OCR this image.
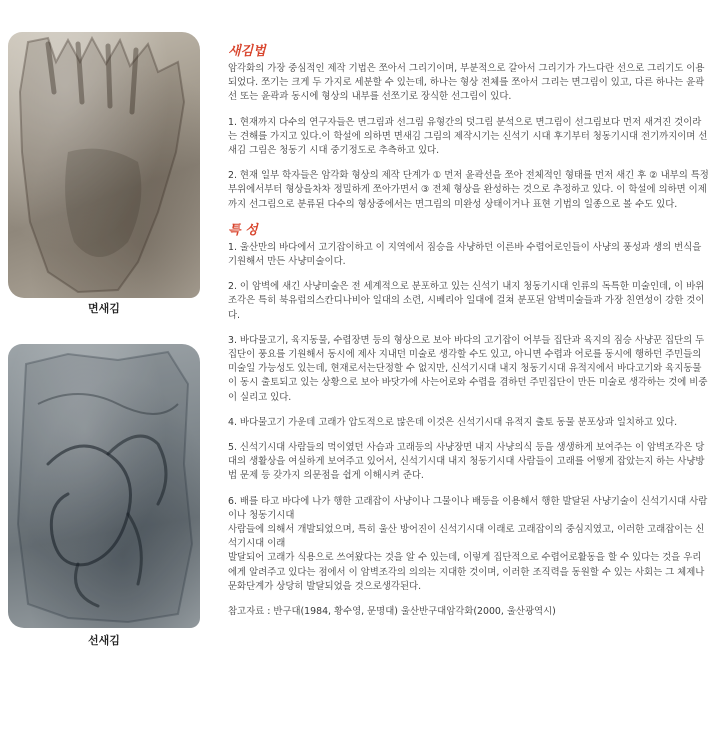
면새김
선새김
새김법

암각화의 가장 중심적인 제작 기법은 쪼아서 그리기이며, 부분적으로 갈아서 그리기가 가느다란 선으로 그리기도 이용되었다. 쪼기는 크게 두 가지로 세분할 수 있는데, 하나는 형상 전체를 쪼아서 그리는 면그림이 있고, 다른 하나는 윤곽선 또는 윤곽과 동시에 형상의 내부를 선쪼기로 장식한 선그림이 있다.

1. 현재까지 다수의 연구자들은 면그림과 선그림 유형간의 덧그림 분석으로 면그림이 선그림보다 먼저 새겨진 것이라는 견해를 가지고 있다.이 학설에 의하면 면새김 그림의 제작시기는 신석기 시대 후기부터 청동기시대 전기까지이며 선새김 그림은 청동기 시대 중기정도로 추측하고 있다.

2. 현재 일부 학자들은 암각화 형상의 제작 단계가 ① 먼저 윤곽선을 쪼아 전체적인 형태를 먼저 새긴 후 ② 내부의 특정부위에서부터 형상을차차 정밀하게 쪼아가면서 ③ 전체 형상을 완성하는 것으로 추정하고 있다. 이 학설에 의하면 이제까지 선그림으로 분류된 다수의 형상중에서는 면그림의 미완성 상태이거나 표현 기법의 일종으로 볼 수도 있다.

특 성

1. 울산만의 바다에서 고기잡이하고 이 지역에서 짐승을 사냥하던 이른바 수렵어로인들이 사냥의 풍성과 생의 번식을 기원해서 만든 사냥미술이다.

2. 이 암벽에 새긴 사냥미술은 전 세계적으로 분포하고 있는 신석기 내지 청동기시대 인류의 독특한 미술인데, 이 바위조각은 특히 북유럽의스칸디나비아 일대의 소련, 시베리아 일대에 걸쳐 분포된 암벽미술들과 가장 친연성이 강한 것이다.

3. 바다물고기, 육지동물, 수렵장면 등의 형상으로 보아 바다의 고기잡이 어부들 집단과 육지의 짐승 사냥꾼 집단의 두 집단이 풍요를 기원해서 동시에 제사 지내던 미술로 생각할 수도 있고, 아니면 수렵과 어로를 동시에 행하던 주민들의 미술일 가능성도 있는데, 현재로서는단정할 수 없지만, 신석기시대 내지 청동기시대 유적지에서 바다고기와 육지동물이 동시 출토되고 있는 상황으로 보아 바닷가에 사는어로와 수렵을 겸하던 주민집단이 만든 미술로 생각하는 것에 비중이 실리고 있다.

4. 바다물고기 가운데 고래가 압도적으로 많은데 이것은 신석기시대 유적지 출토 동물 분포상과 일치하고 있다.

5. 신석기시대 사람들의 먹이였던 사슴과 고래등의 사냥장면 내지 사냥의식 등을 생생하게 보여주는 이 암벽조각은 당대의 생활상을 여실하게 보여주고 있어서, 신석기시대 내지 청동기시대 사람들이 고래를 어떻게 잡았는지 하는 사냥방법 문제 등 갖가지 의문점을 쉽게 이해시켜 준다.

6. 배를 타고 바다에 나가 행한 고래잡이 사냥이나 그물이나 배등을 이용해서 행한 발달된 사냥기술이 신석기시대 사람이나 청동기시대
사람들에 의해서 개발되었으며, 특히 울산 방어진이 신석기시대 이래로 고래잡이의 중심지였고, 이러한 고래잡이는 신석기시대 이래
발달되어 고래가 식용으로 쓰여왔다는 것을 알 수 있는데, 이렇게 집단적으로 수렵어로활동을 할 수 있다는 것을 우리에게 알려주고 있다는 점에서 이 암벽조각의 의의는 지대한 것이며, 이러한 조직력을 동원할 수 있는 사회는 그 체제나 문화단계가 상당히 발달되었을 것으로생각된다.

참고자료 : 반구대(1984, 황수영, 문명대) 울산반구대암각화(2000, 울산광역시)
